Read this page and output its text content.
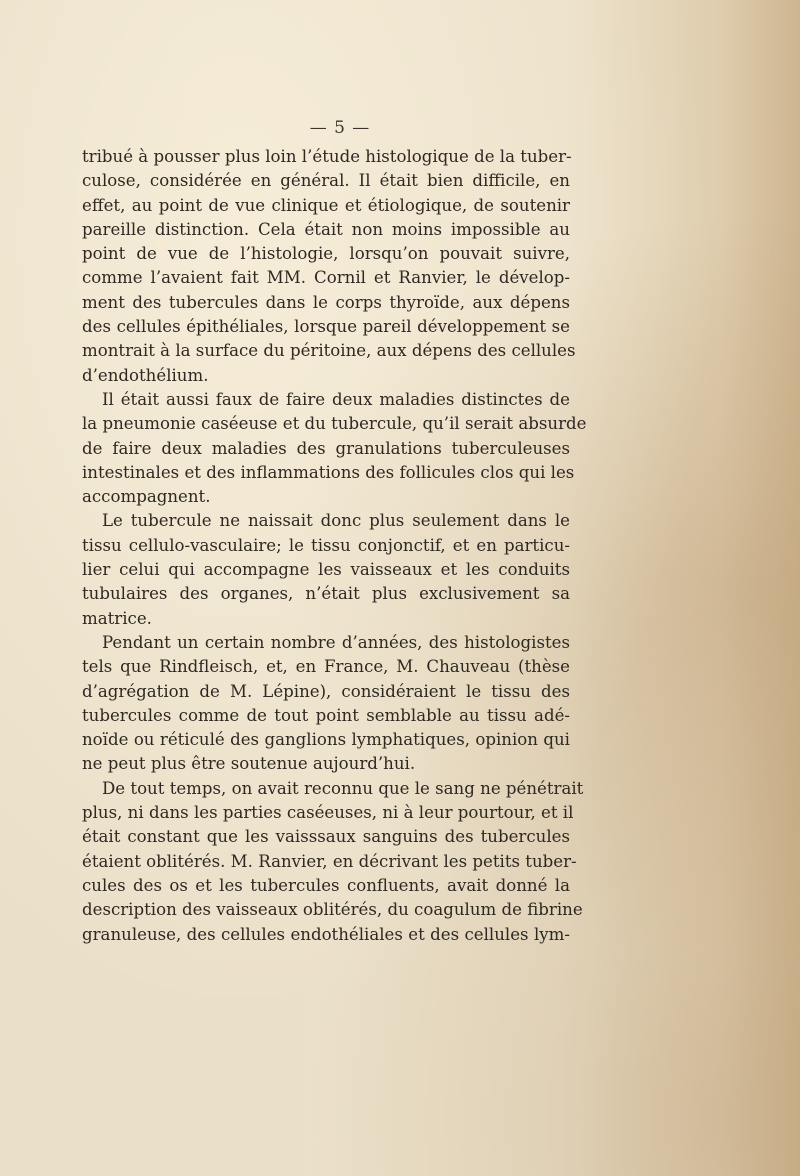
— 5 —
tribué à pousser plus loin l’étude histologique de la tuber-
culose, considérée en général. Il était bien difficile, en
effet, au point de vue clinique et étiologique, de soutenir
pareille distinction. Cela était non moins impossible au
point de vue de l’histologie, lorsqu’on pouvait suivre,
comme l’avaient fait MM. Cornil et Ranvier, le dévelop-
ment des tubercules dans le corps thyroïde, aux dépens
des cellules épithéliales, lorsque pareil développement se
montrait à la surface du péritoine, aux dépens des cellules
d’endothélium.
Il était aussi faux de faire deux maladies distinctes de
la pneumonie caséeuse et du tubercule, qu’il serait absurde
de faire deux maladies des granulations tuberculeuses
intestinales et des inflammations des follicules clos qui les
accompagnent.
Le tubercule ne naissait donc plus seulement dans le
tissu cellulo-vasculaire; le tissu conjonctif, et en particu-
lier celui qui accompagne les vaisseaux et les conduits
tubulaires des organes, n’était plus exclusivement sa
matrice.
Pendant un certain nombre d’années, des histologistes
tels que Rindfleisch, et, en France, M. Chauveau (thèse
d’agrégation de M. Lépine), considéraient le tissu des
tubercules comme de tout point semblable au tissu adé-
noïde ou réticulé des ganglions lymphatiques, opinion qui
ne peut plus être soutenue aujourd’hui.
De tout temps, on avait reconnu que le sang ne pénétrait
plus, ni dans les parties caséeuses, ni à leur pourtour, et il
était constant que les vaisssaux sanguins des tubercules
étaient oblitérés. M. Ranvier, en décrivant les petits tuber-
cules des os et les tubercules confluents, avait donné la
description des vaisseaux oblitérés, du coagulum de fibrine
granuleuse, des cellules endothéliales et des cellules lym-
